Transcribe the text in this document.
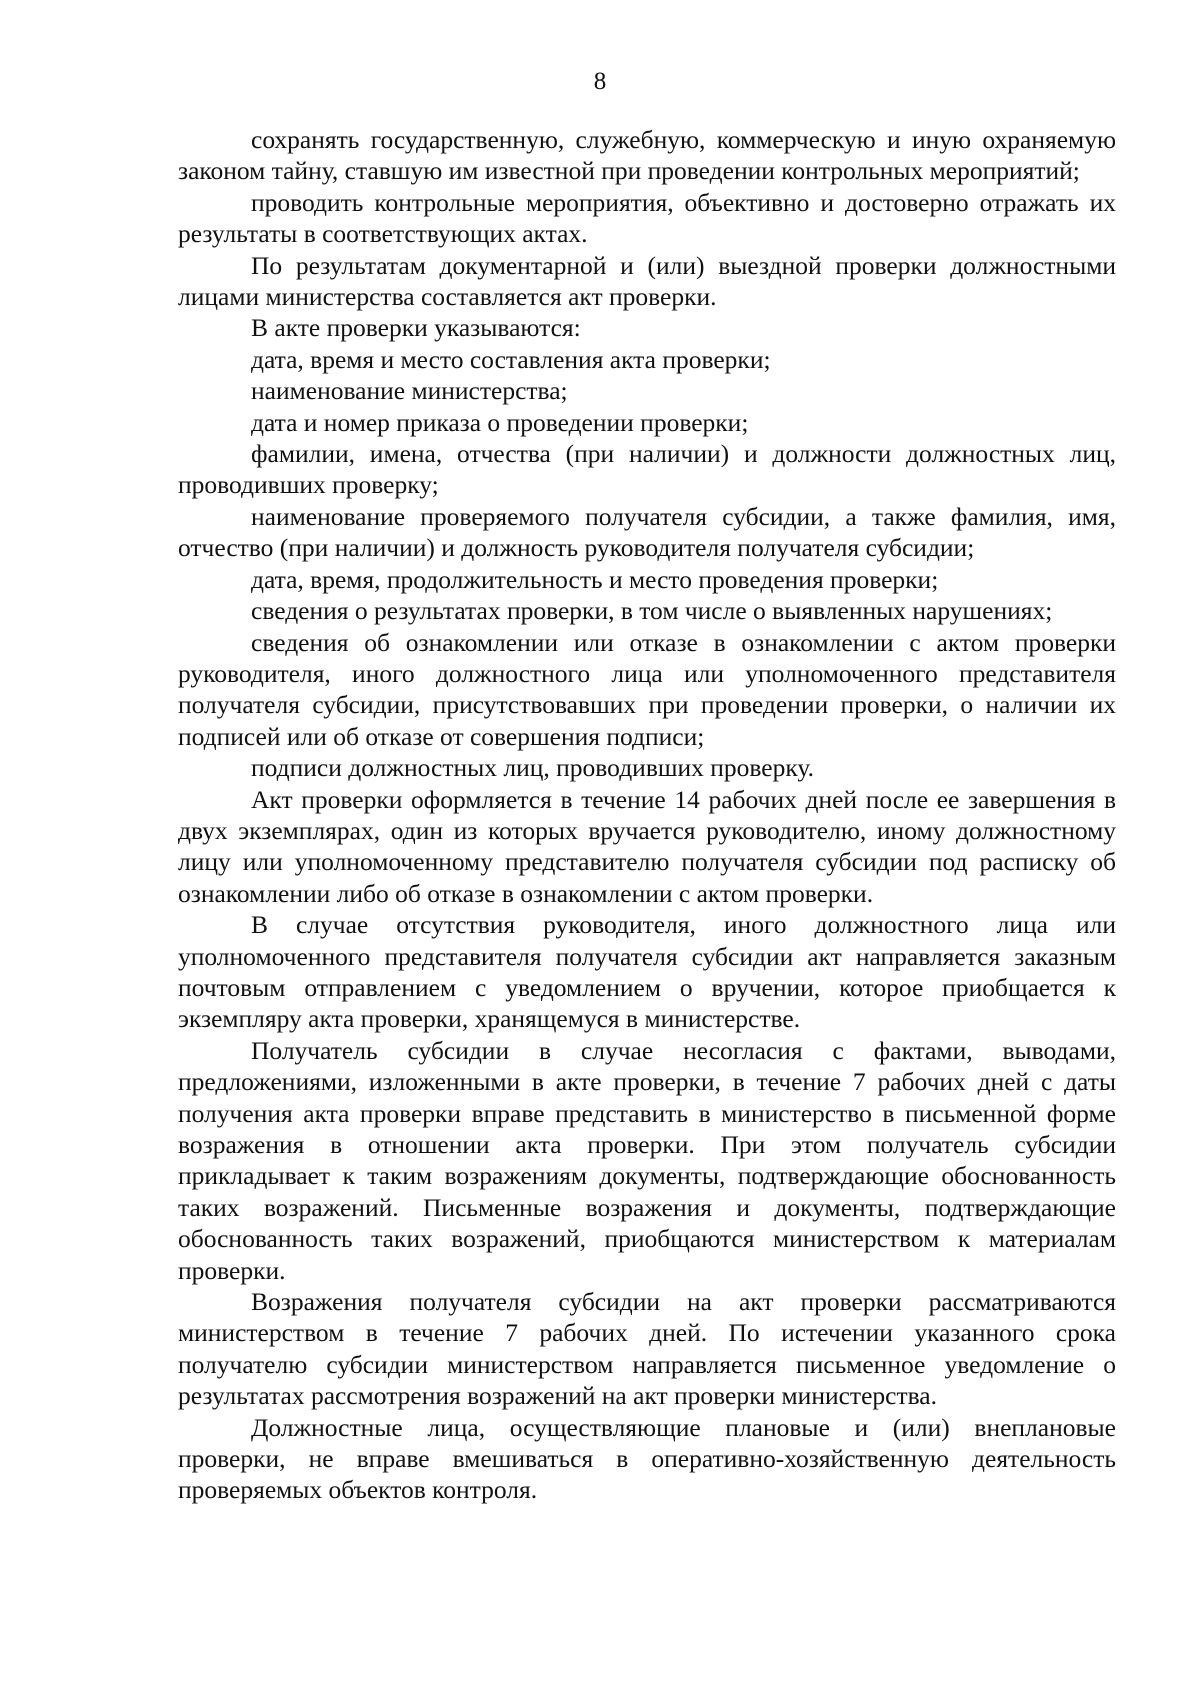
8

сохранять государственную, служебную, коммерческую и иную охраняемую законом тайну, ставшую им известной при проведении контрольных мероприятий;

проводить контрольные мероприятия, объективно и достоверно отражать их результаты в соответствующих актах.

По результатам документарной и (или) выездной проверки должностными лицами министерства составляется акт проверки.

В акте проверки указываются:

дата, время и место составления акта проверки;

наименование министерства;

дата и номер приказа о проведении проверки;

фамилии, имена, отчества (при наличии) и должности должностных лиц, проводивших проверку;

наименование проверяемого получателя субсидии, а также фамилия, имя, отчество (при наличии) и должность руководителя получателя субсидии;

дата, время, продолжительность и место проведения проверки;

сведения о результатах проверки, в том числе о выявленных нарушениях;

сведения об ознакомлении или отказе в ознакомлении с актом проверки руководителя, иного должностного лица или уполномоченного представителя получателя субсидии, присутствовавших при проведении проверки, о наличии их подписей или об отказе от совершения подписи;

подписи должностных лиц, проводивших проверку.

Акт проверки оформляется в течение 14 рабочих дней после ее завершения в двух экземплярах, один из которых вручается руководителю, иному должностному лицу или уполномоченному представителю получателя субсидии под расписку об ознакомлении либо об отказе в ознакомлении с актом проверки.

В случае отсутствия руководителя, иного должностного лица или уполномоченного представителя получателя субсидии акт направляется заказным почтовым отправлением с уведомлением о вручении, которое приобщается к экземпляру акта проверки, хранящемуся в министерстве.

Получатель субсидии в случае несогласия с фактами, выводами, предложениями, изложенными в акте проверки, в течение 7 рабочих дней с даты получения акта проверки вправе представить в министерство в письменной форме возражения в отношении акта проверки. При этом получатель субсидии прикладывает к таким возражениям документы, подтверждающие обоснованность таких возражений. Письменные возражения и документы, подтверждающие обоснованность таких возражений, приобщаются министерством к материалам проверки.

Возражения получателя субсидии на акт проверки рассматриваются министерством в течение 7 рабочих дней. По истечении указанного срока получателю субсидии министерством направляется письменное уведомление о результатах рассмотрения возражений на акт проверки министерства.

Должностные лица, осуществляющие плановые и (или) внеплановые проверки, не вправе вмешиваться в оперативно-хозяйственную деятельность проверяемых объектов контроля.
